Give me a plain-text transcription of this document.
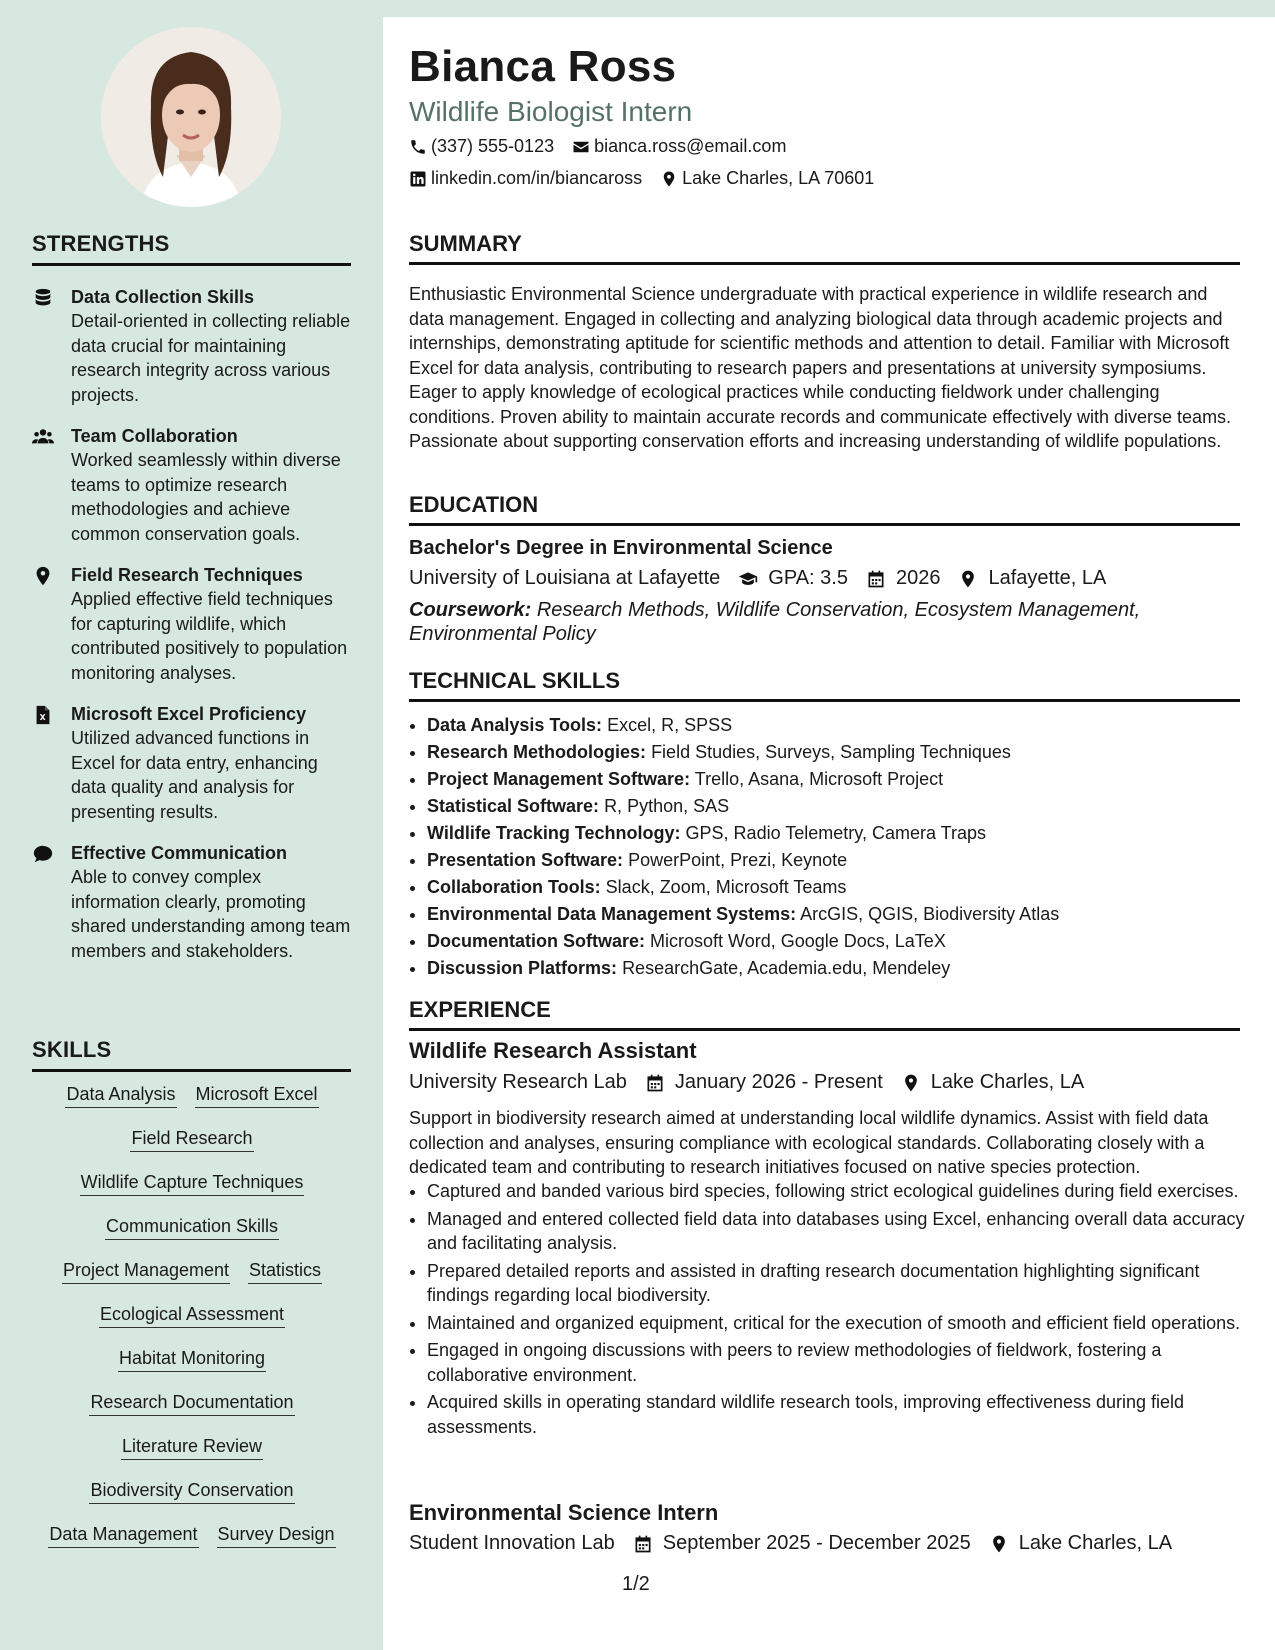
STRENGTHS
Data Collection Skills
Detail-oriented in collecting reliable data crucial for maintaining research integrity across various projects.
Team Collaboration
Worked seamlessly within diverse teams to optimize research methodologies and achieve common conservation goals.
Field Research Techniques
Applied effective field techniques for capturing wildlife, which contributed positively to population monitoring analyses.
Microsoft Excel Proficiency
Utilized advanced functions in Excel for data entry, enhancing data quality and analysis for presenting results.
Effective Communication
Able to convey complex information clearly, promoting shared understanding among team members and stakeholders.
SKILLS
Data Analysis Microsoft Excel
Field Research
Wildlife Capture Techniques
Communication Skills
Project Management Statistics
Ecological Assessment
Habitat Monitoring
Research Documentation
Literature Review
Biodiversity Conservation
Data Management Survey Design
Bianca Ross
Wildlife Biologist Intern
(337) 555-0123 bianca.ross@email.com
linkedin.com/in/biancaross Lake Charles, LA 70601
SUMMARY
Enthusiastic Environmental Science undergraduate with practical experience in wildlife research and data management. Engaged in collecting and analyzing biological data through academic projects and internships, demonstrating aptitude for scientific methods and attention to detail. Familiar with Microsoft Excel for data analysis, contributing to research papers and presentations at university symposiums. Eager to apply knowledge of ecological practices while conducting fieldwork under challenging conditions. Proven ability to maintain accurate records and communicate effectively with diverse teams. Passionate about supporting conservation efforts and increasing understanding of wildlife populations.
EDUCATION
Bachelor's Degree in Environmental Science
University of Louisiana at Lafayette GPA: 3.5 2026 Lafayette, LA
Coursework: Research Methods, Wildlife Conservation, Ecosystem Management, Environmental Policy
TECHNICAL SKILLS
• Data Analysis Tools: Excel, R, SPSS
• Research Methodologies: Field Studies, Surveys, Sampling Techniques
• Project Management Software: Trello, Asana, Microsoft Project
• Statistical Software: R, Python, SAS
• Wildlife Tracking Technology: GPS, Radio Telemetry, Camera Traps
• Presentation Software: PowerPoint, Prezi, Keynote
• Collaboration Tools: Slack, Zoom, Microsoft Teams
• Environmental Data Management Systems: ArcGIS, QGIS, Biodiversity Atlas
• Documentation Software: Microsoft Word, Google Docs, LaTeX
• Discussion Platforms: ResearchGate, Academia.edu, Mendeley
EXPERIENCE
Wildlife Research Assistant
University Research Lab January 2026 - Present Lake Charles, LA
Support in biodiversity research aimed at understanding local wildlife dynamics. Assist with field data collection and analyses, ensuring compliance with ecological standards. Collaborating closely with a dedicated team and contributing to research initiatives focused on native species protection.
• Captured and banded various bird species, following strict ecological guidelines during field exercises.
• Managed and entered collected field data into databases using Excel, enhancing overall data accuracy and facilitating analysis.
• Prepared detailed reports and assisted in drafting research documentation highlighting significant findings regarding local biodiversity.
• Maintained and organized equipment, critical for the execution of smooth and efficient field operations.
• Engaged in ongoing discussions with peers to review methodologies of fieldwork, fostering a collaborative environment.
• Acquired skills in operating standard wildlife research tools, improving effectiveness during field assessments.
Environmental Science Intern
Student Innovation Lab September 2025 - December 2025 Lake Charles, LA
1/2
